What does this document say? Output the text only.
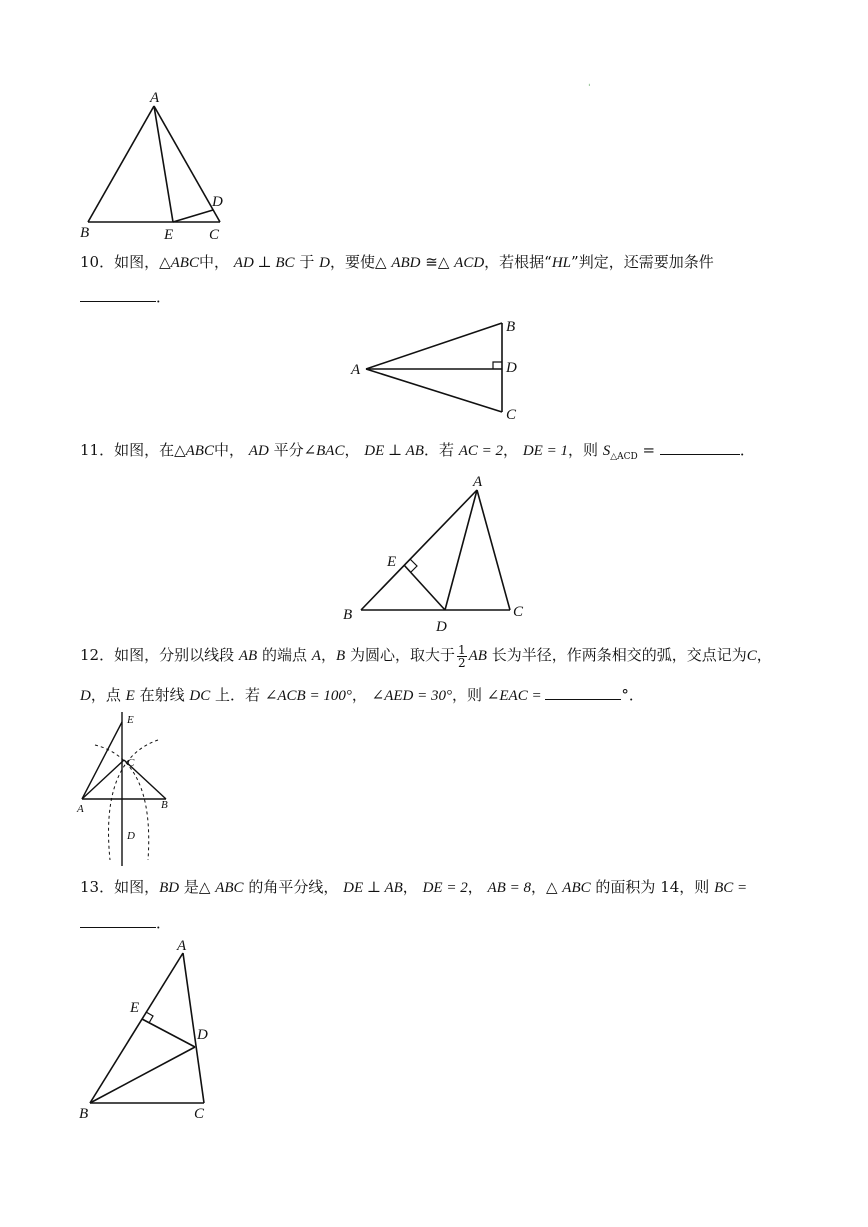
A
B	E C
D
ˈ
10．如图，△ABC中， AD ⊥ BC 于 D，要使△ ABD ≅△ ACD，若根据“HL”判定，还需要加条件
．
A
B
D
C
11．如图，在△ABC中， AD 平分∠BAC， DE ⊥ AB．若 AC = 2， DE = 1，则 $S_{\triangle ACD}$ =	．
A
E
B
D
C
12．如图，分别以线段 AB 的端点 A，B 为圆心，取大于 $\frac{1}{2}$ AB 长为半径，作两条相交的弧，交点记为C，
D，点 E 在射线 DC 上．若 ∠ACB = 100°， ∠AED = 30°，则 ∠EAC =	°．
E
C
A	B
D
13．如图，BD 是△ ABC 的角平分线， DE ⊥ AB， DE = 2， AB = 8，△ ABC 的面积为 14，则 BC =
．
A
E
D
B	C
